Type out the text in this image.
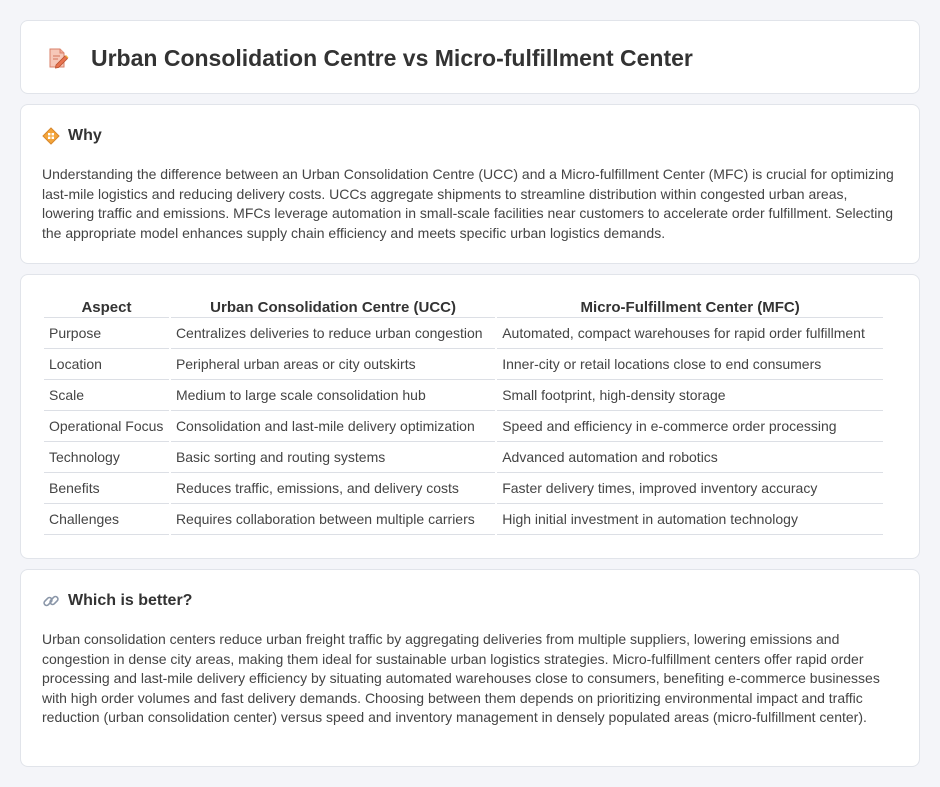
Urban Consolidation Centre vs Micro-fulfillment Center
Why

Understanding the difference between an Urban Consolidation Centre (UCC) and a Micro-fulfillment Center (MFC) is crucial for optimizing last-mile logistics and reducing delivery costs. UCCs aggregate shipments to streamline distribution within congested urban areas, lowering traffic and emissions. MFCs leverage automation in small-scale facilities near customers to accelerate order fulfillment. Selecting the appropriate model enhances supply chain efficiency and meets specific urban logistics demands.

Aspect	Urban Consolidation Centre (UCC)	Micro-Fulfillment Center (MFC)
Purpose	Centralizes deliveries to reduce urban congestion	Automated, compact warehouses for rapid order fulfillment
Location	Peripheral urban areas or city outskirts	Inner-city or retail locations close to end consumers
Scale	Medium to large scale consolidation hub	Small footprint, high-density storage
Operational Focus	Consolidation and last-mile delivery optimization	Speed and efficiency in e-commerce order processing
Technology	Basic sorting and routing systems	Advanced automation and robotics
Benefits	Reduces traffic, emissions, and delivery costs	Faster delivery times, improved inventory accuracy
Challenges	Requires collaboration between multiple carriers	High initial investment in automation technology
Which is better?

Urban consolidation centers reduce urban freight traffic by aggregating deliveries from multiple suppliers, lowering emissions and congestion in dense city areas, making them ideal for sustainable urban logistics strategies. Micro-fulfillment centers offer rapid order processing and last-mile delivery efficiency by situating automated warehouses close to consumers, benefiting e-commerce businesses with high order volumes and fast delivery demands. Choosing between them depends on prioritizing environmental impact and traffic reduction (urban consolidation center) versus speed and inventory management in densely populated areas (micro-fulfillment center).
